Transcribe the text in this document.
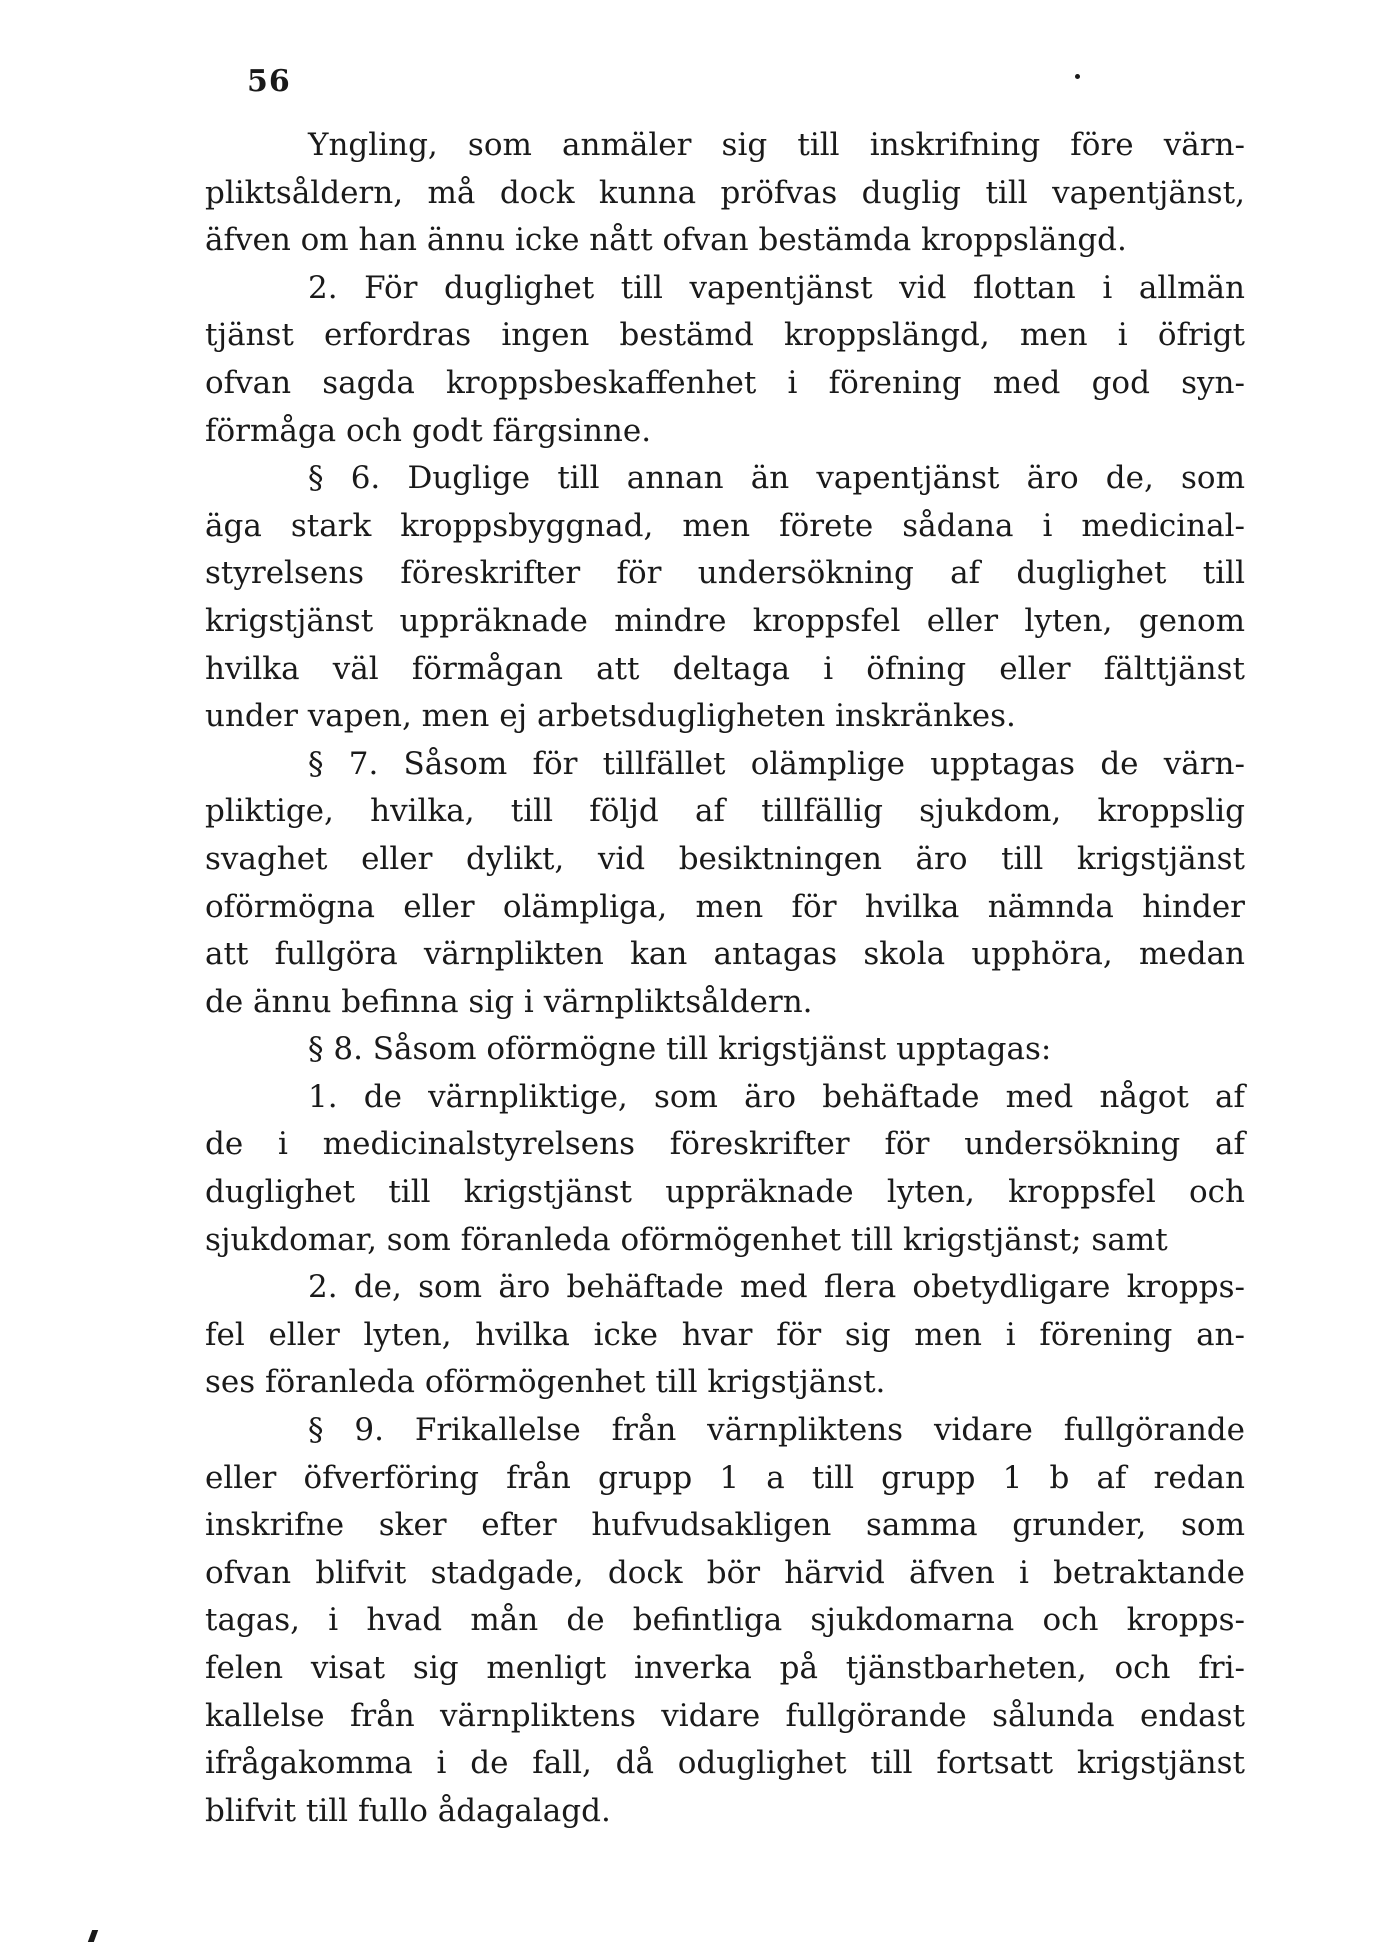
56
Yngling, som anmäler sig till inskrifning före värn-
pliktsåldern, må dock kunna pröfvas duglig till vapentjänst,
äfven om han ännu icke nått ofvan bestämda kroppslängd.
2. För duglighet till vapentjänst vid flottan i allmän
tjänst erfordras ingen bestämd kroppslängd, men i öfrigt
ofvan sagda kroppsbeskaffenhet i förening med god syn-
förmåga och godt färgsinne.
§ 6. Duglige till annan än vapentjänst äro de, som
äga stark kroppsbyggnad, men förete sådana i medicinal-
styrelsens föreskrifter för undersökning af duglighet till
krigstjänst uppräknade mindre kroppsfel eller lyten, genom
hvilka väl förmågan att deltaga i öfning eller fälttjänst
under vapen, men ej arbetsdugligheten inskränkes.
§ 7. Såsom för tillfället olämplige upptagas de värn-
pliktige, hvilka, till följd af tillfällig sjukdom, kroppslig
svaghet eller dylikt, vid besiktningen äro till krigstjänst
oförmögna eller olämpliga, men för hvilka nämnda hinder
att fullgöra värnplikten kan antagas skola upphöra, medan
de ännu befinna sig i värnpliktsåldern.
§ 8. Såsom oförmögne till krigstjänst upptagas:
1. de värnpliktige, som äro behäftade med något af
de i medicinalstyrelsens föreskrifter för undersökning af
duglighet till krigstjänst uppräknade lyten, kroppsfel och
sjukdomar, som föranleda oförmögenhet till krigstjänst; samt
2. de, som äro behäftade med flera obetydligare kropps-
fel eller lyten, hvilka icke hvar för sig men i förening an-
ses föranleda oförmögenhet till krigstjänst.
§ 9. Frikallelse från värnpliktens vidare fullgörande
eller öfverföring från grupp 1 a till grupp 1 b af redan
inskrifne sker efter hufvudsakligen samma grunder, som
ofvan blifvit stadgade, dock bör härvid äfven i betraktande
tagas, i hvad mån de befintliga sjukdomarna och kropps-
felen visat sig menligt inverka på tjänstbarheten, och fri-
kallelse från värnpliktens vidare fullgörande sålunda endast
ifrågakomma i de fall, då oduglighet till fortsatt krigstjänst
blifvit till fullo ådagalagd.
